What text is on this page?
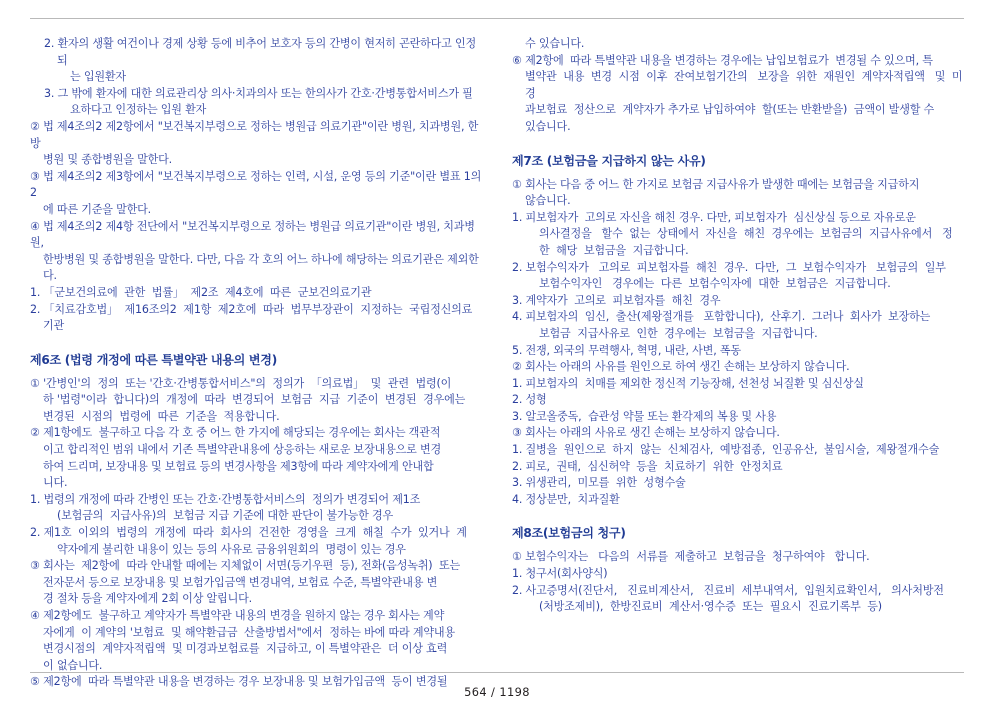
2. 환자의 생활 여건이나 경제 상황 등에 비추어 보호자 등의 간병이 현저히 곤란하다고 인정되
는 입원환자
3. 그 밖에 환자에 대한 의료관리상 의사·치과의사 또는 한의사가 간호·간병통합서비스가 필
요하다고 인정하는 입원 환자
② 법 제4조의2 제2항에서 "보건복지부령으로 정하는 병원급 의료기관"이란 병원, 치과병원, 한방
병원 및 종합병원을 말한다.
③ 법 제4조의2 제3항에서 "보건복지부령으로 정하는 인력, 시설, 운영 등의 기준"이란 별표 1의2
에 따른 기준을 말한다.
④ 법 제4조의2 제4항 전단에서 "보건복지부령으로 정하는 병원급 의료기관"이란 병원, 치과병원,
한방병원 및 종합병원을 말한다. 다만, 다음 각 호의 어느 하나에 해당하는 의료기관은 제외한
다.
1. 「군보건의료에  관한  법률」  제2조  제4호에  따른  군보건의료기관
2. 「치료감호법」  제16조의2  제1항  제2호에  따라  법무부장관이  지정하는  국립정신의료기관
제6조 (법령 개정에 따른 특별약관 내용의 변경)
① '간병인'의  정의  또는 '간호·간병통합서비스"의  정의가  「의료법」  및  관련  법령(이
하 '법령"이라  합니다)의  개정에  따라  변경되어  보험금  지급  기준이  변경된  경우에는
변경된  시점의  법령에  따른  기준을  적용합니다.
② 제1항에도  불구하고 다음 각 호 중 어느 한 가지에 해당되는 경우에는 회사는 객관적
이고 합리적인 범위 내에서 기존 특별약관내용에 상응하는 새로운 보장내용으로 변경
하여 드리며, 보장내용 및 보험료 등의 변경사항을 제3항에 따라 계약자에게 안내합
니다.
1. 법령의 개정에 따라 간병인 또는 간호·간병통합서비스의  정의가 변경되어 제1조
(보험금의  지급사유)의  보험금 지급 기준에 대한 판단이 불가능한 경우
2. 제1호  이외의  법령의  개정에  따라  회사의  건전한  경영을  크게  해칠  수가  있거나  계
약자에게 불리한 내용이 있는 등의 사유로 금융위원회의  명령이 있는 경우
③ 회사는  제2항에  따라 안내할 때에는 지체없이 서면(등기우편  등), 전화(음성녹취)  또는
전자문서 등으로 보장내용 및 보험가입금액 변경내역, 보험료 수준, 특별약관내용 변
경 절차 등을 계약자에게 2회 이상 알립니다.
④ 제2항에도  불구하고 계약자가 특별약관 내용의 변경을 원하지 않는 경우 회사는 계약
자에게  이 계약의 '보험료  및 해약환급금  산출방법서"에서  정하는 바에 따라 계약내용
변경시점의  계약자적립액  및 미경과보험료를  지급하고, 이 특별약관은  더 이상 효력
이 없습니다.
⑤ 제2항에  따라 특별약관 내용을 변경하는 경우 보장내용 및 보험가입금액  등이 변경될
수 있습니다.
⑥ 제2항에  따라 특별약관 내용을 변경하는 경우에는 납입보험료가  변경될 수 있으며, 특
별약관  내용  변경  시점  이후  잔여보험기간의   보장을  위한  재원인  계약자적립액   및  미경
과보험료  정산으로  계약자가 추가로 납입하여야  할(또는 반환받을)  금액이 발생할 수
있습니다.
제7조 (보험금을 지급하지 않는 사유)
① 회사는 다음 중 어느 한 가지로 보험금 지급사유가 발생한 때에는 보험금을 지급하지
않습니다.
1. 피보험자가  고의로 자신을 해친 경우. 다만, 피보험자가  심신상실 등으로 자유로운
의사결정을   할수  없는  상태에서  자신을  해친  경우에는  보험금의  지급사유에서   정
한  해당  보험금을  지급합니다.
2. 보험수익자가   고의로  피보험자를  해친  경우.  다만,  그  보험수익자가   보험금의  일부
보험수익자인   경우에는  다른  보험수익자에  대한  보험금은  지급합니다.
3. 계약자가  고의로  피보험자를  해친  경우
4. 피보험자의  임신,  출산(제왕절개를   포함합니다),  산후기.  그러나  회사가  보장하는
보험금  지급사유로  인한  경우에는  보험금을  지급합니다.
5. 전쟁, 외국의 무력행사, 혁명, 내란, 사변, 폭동
② 회사는 아래의 사유를 원인으로 하여 생긴 손해는 보상하지 않습니다.
1. 피보험자의  치매를 제외한 정신적 기능장해, 선천성 뇌질환 및 심신상실
2. 성형
3. 알코올중독,  습관성 약물 또는 환각제의 복용 및 사용
③ 회사는 아래의 사유로 생긴 손해는 보상하지 않습니다.
1. 질병을  원인으로  하지  않는  신체검사,  예방접종,  인공유산,  불임시술,  제왕절개수술
2. 피로,  권태,  심신허약  등을  치료하기  위한  안정치료
3. 위생관리,  미모를  위한  성형수술
4. 정상분만,  치과질환
제8조(보험금의 청구)
① 보험수익자는   다음의  서류를  제출하고  보험금을  청구하여야   합니다.
1. 청구서(회사양식)
2. 사고증명서(진단서,   진료비계산서,   진료비  세부내역서,  입원치료확인서,   의사처방전
(처방조제비),  한방진료비  계산서·영수증  또는  필요시  진료기록부  등)
564 / 1198
